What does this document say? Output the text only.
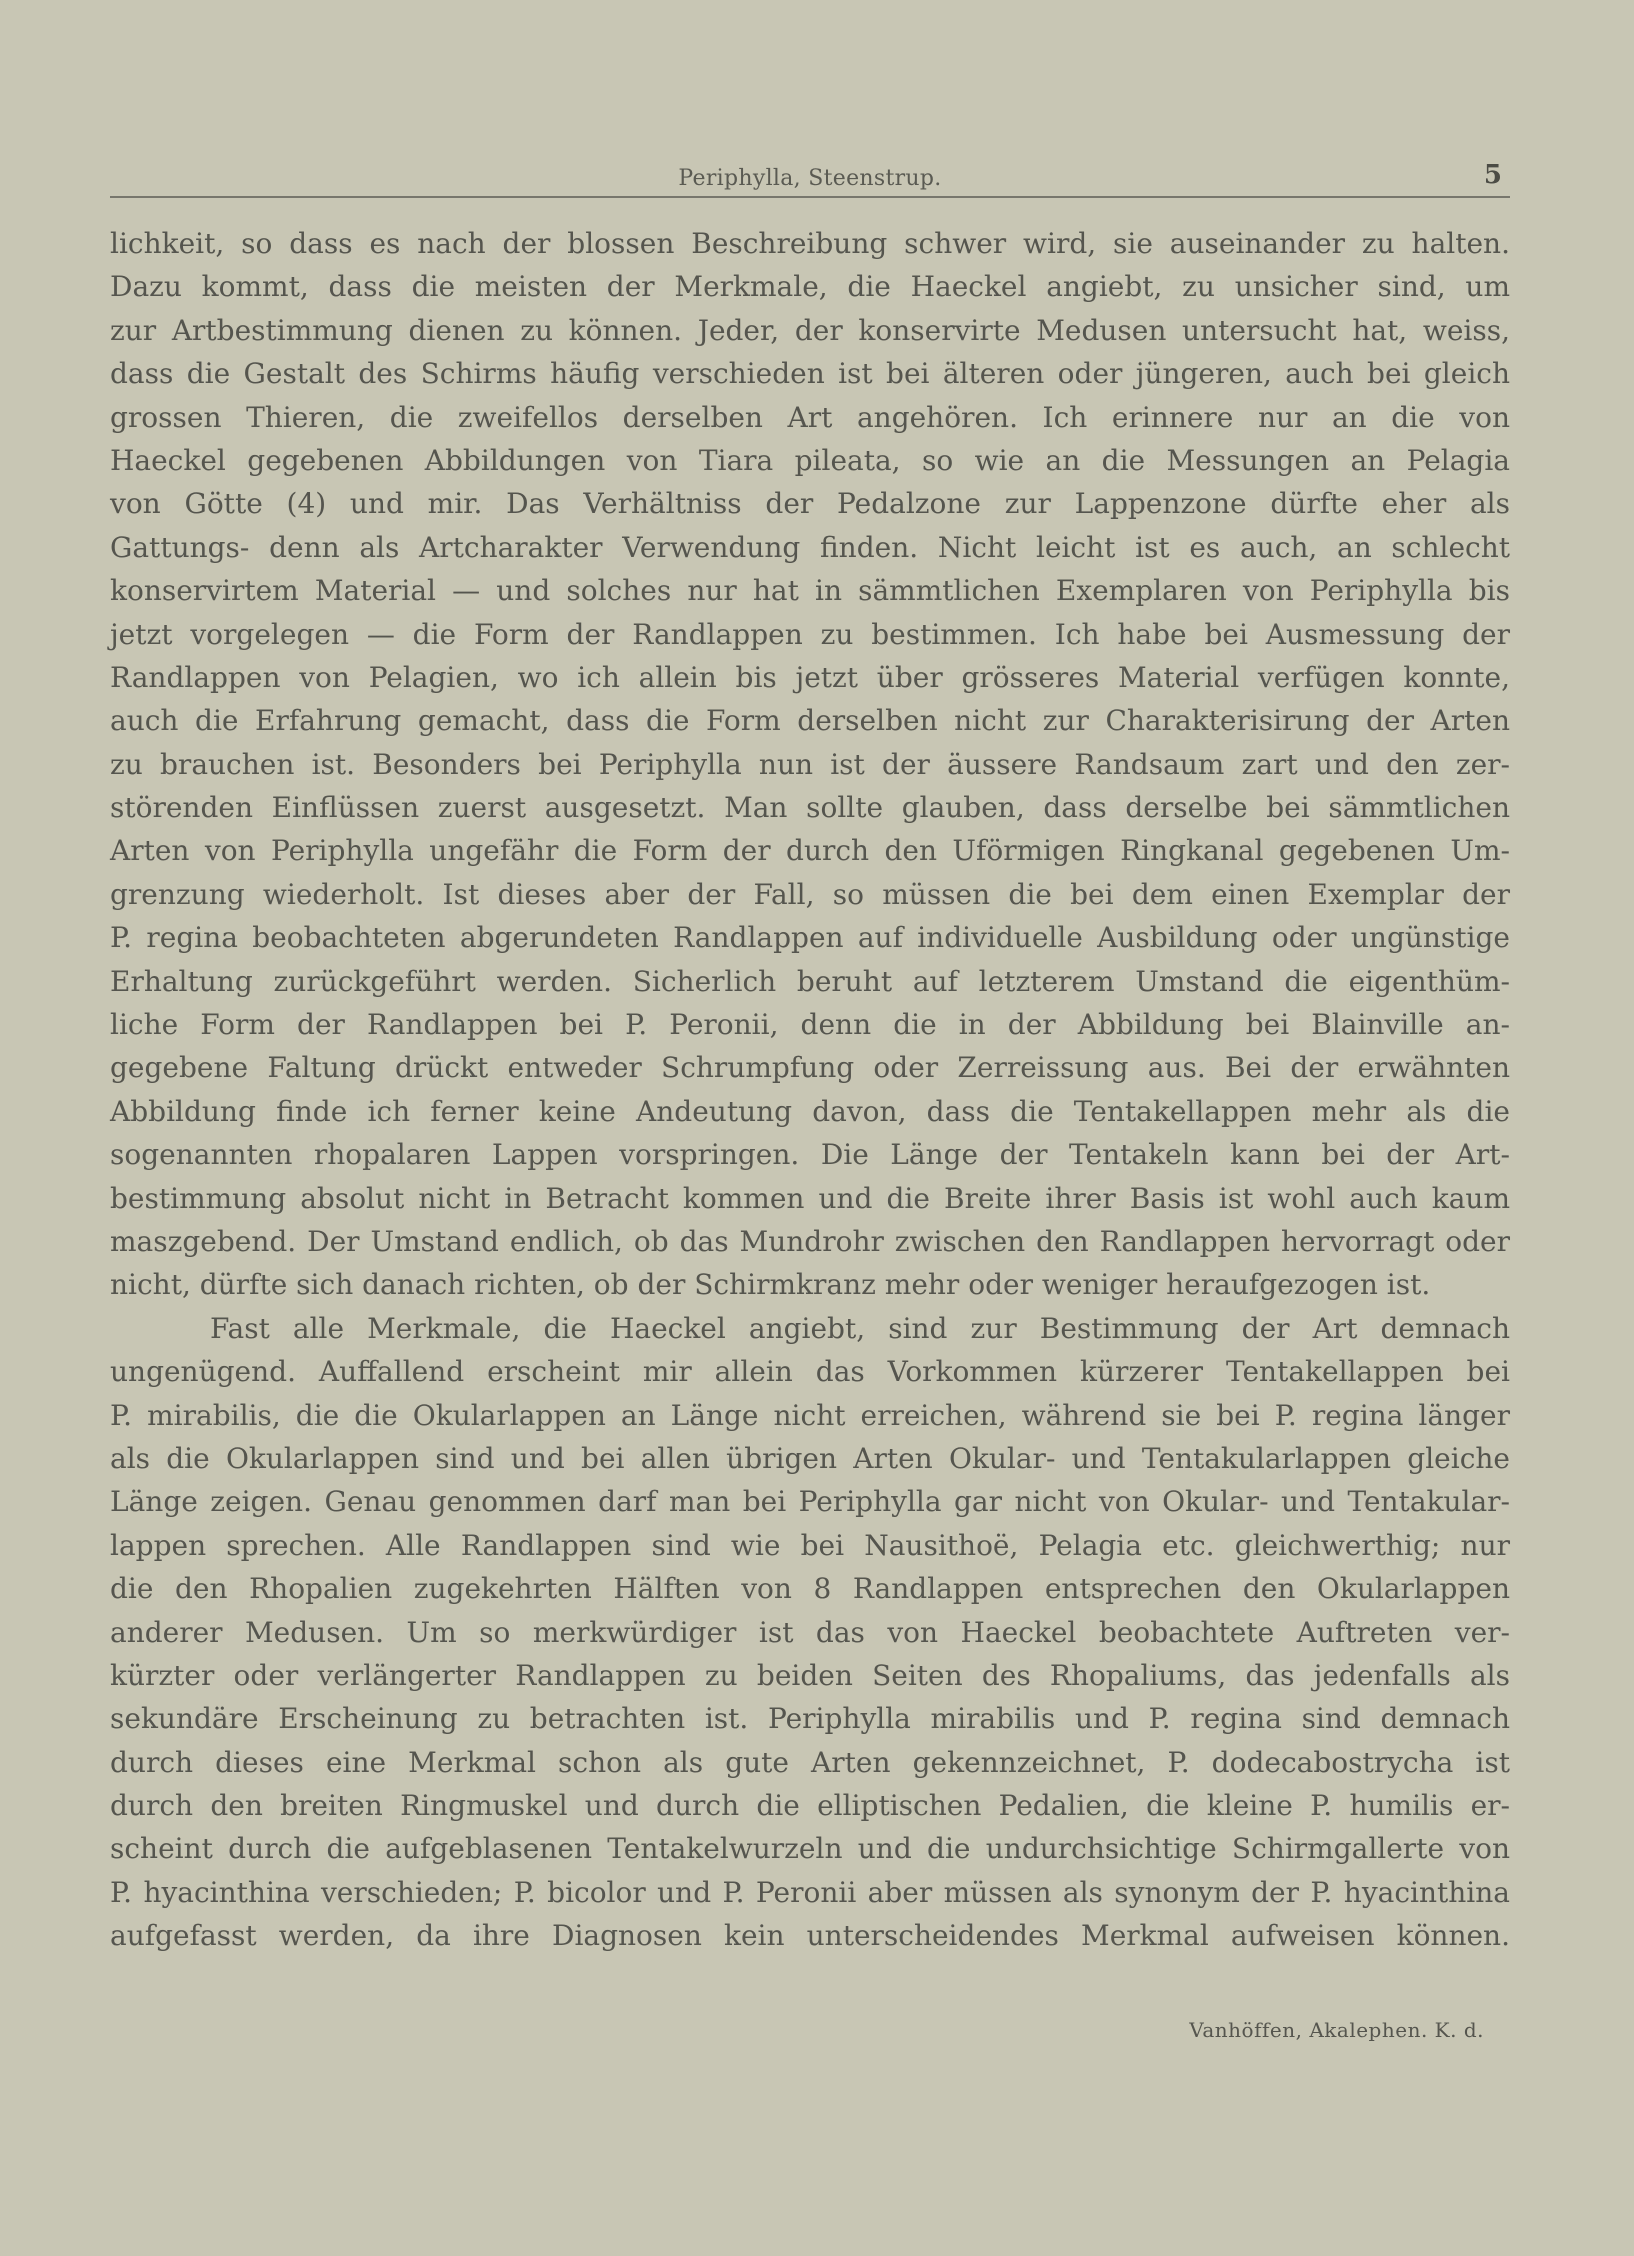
Periphylla, Steenstrup.	5
lichkeit, so dass es nach der blossen Beschreibung schwer wird, sie auseinander zu halten.
Dazu kommt, dass die meisten der Merkmale, die Haeckel angiebt, zu unsicher sind, um
zur Artbestimmung dienen zu können. Jeder, der konservirte Medusen untersucht hat, weiss,
dass die Gestalt des Schirms häufig verschieden ist bei älteren oder jüngeren, auch bei gleich
grossen Thieren, die zweifellos derselben Art angehören. Ich erinnere nur an die von
Haeckel gegebenen Abbildungen von Tiara pileata, so wie an die Messungen an Pelagia
von Götte (4) und mir. Das Verhältniss der Pedalzone zur Lappenzone dürfte eher als
Gattungs- denn als Artcharakter Verwendung finden. Nicht leicht ist es auch, an schlecht
konservirtem Material — und solches nur hat in sämmtlichen Exemplaren von Periphylla bis
jetzt vorgelegen — die Form der Randlappen zu bestimmen. Ich habe bei Ausmessung der
Randlappen von Pelagien, wo ich allein bis jetzt über grösseres Material verfügen konnte,
auch die Erfahrung gemacht, dass die Form derselben nicht zur Charakterisirung der Arten
zu brauchen ist. Besonders bei Periphylla nun ist der äussere Randsaum zart und den zer-
störenden Einflüssen zuerst ausgesetzt. Man sollte glauben, dass derselbe bei sämmtlichen
Arten von Periphylla ungefähr die Form der durch den Uförmigen Ringkanal gegebenen Um-
grenzung wiederholt. Ist dieses aber der Fall, so müssen die bei dem einen Exemplar der
P. regina beobachteten abgerundeten Randlappen auf individuelle Ausbildung oder ungünstige
Erhaltung zurückgeführt werden. Sicherlich beruht auf letzterem Umstand die eigenthüm-
liche Form der Randlappen bei P. Peronii, denn die in der Abbildung bei Blainville an-
gegebene Faltung drückt entweder Schrumpfung oder Zerreissung aus. Bei der erwähnten
Abbildung finde ich ferner keine Andeutung davon, dass die Tentakellappen mehr als die
sogenannten rhopalaren Lappen vorspringen. Die Länge der Tentakeln kann bei der Art-
bestimmung absolut nicht in Betracht kommen und die Breite ihrer Basis ist wohl auch kaum
maszgebend. Der Umstand endlich, ob das Mundrohr zwischen den Randlappen hervorragt oder
nicht, dürfte sich danach richten, ob der Schirmkranz mehr oder weniger heraufgezogen ist.
Fast alle Merkmale, die Haeckel angiebt, sind zur Bestimmung der Art demnach
ungenügend. Auffallend erscheint mir allein das Vorkommen kürzerer Tentakellappen bei
P. mirabilis, die die Okularlappen an Länge nicht erreichen, während sie bei P. regina länger
als die Okularlappen sind und bei allen übrigen Arten Okular- und Tentakularlappen gleiche
Länge zeigen. Genau genommen darf man bei Periphylla gar nicht von Okular- und Tentakular-
lappen sprechen. Alle Randlappen sind wie bei Nausithoë, Pelagia etc. gleichwerthig; nur
die den Rhopalien zugekehrten Hälften von 8 Randlappen entsprechen den Okularlappen
anderer Medusen. Um so merkwürdiger ist das von Haeckel beobachtete Auftreten ver-
kürzter oder verlängerter Randlappen zu beiden Seiten des Rhopaliums, das jedenfalls als
sekundäre Erscheinung zu betrachten ist. Periphylla mirabilis und P. regina sind demnach
durch dieses eine Merkmal schon als gute Arten gekennzeichnet, P. dodecabostrycha ist
durch den breiten Ringmuskel und durch die elliptischen Pedalien, die kleine P. humilis er-
scheint durch die aufgeblasenen Tentakelwurzeln und die undurchsichtige Schirmgallerte von
P. hyacinthina verschieden; P. bicolor und P. Peronii aber müssen als synonym der P. hyacinthina
aufgefasst werden, da ihre Diagnosen kein unterscheidendes Merkmal aufweisen können.
Vanhöffen, Akalephen. K. d.
